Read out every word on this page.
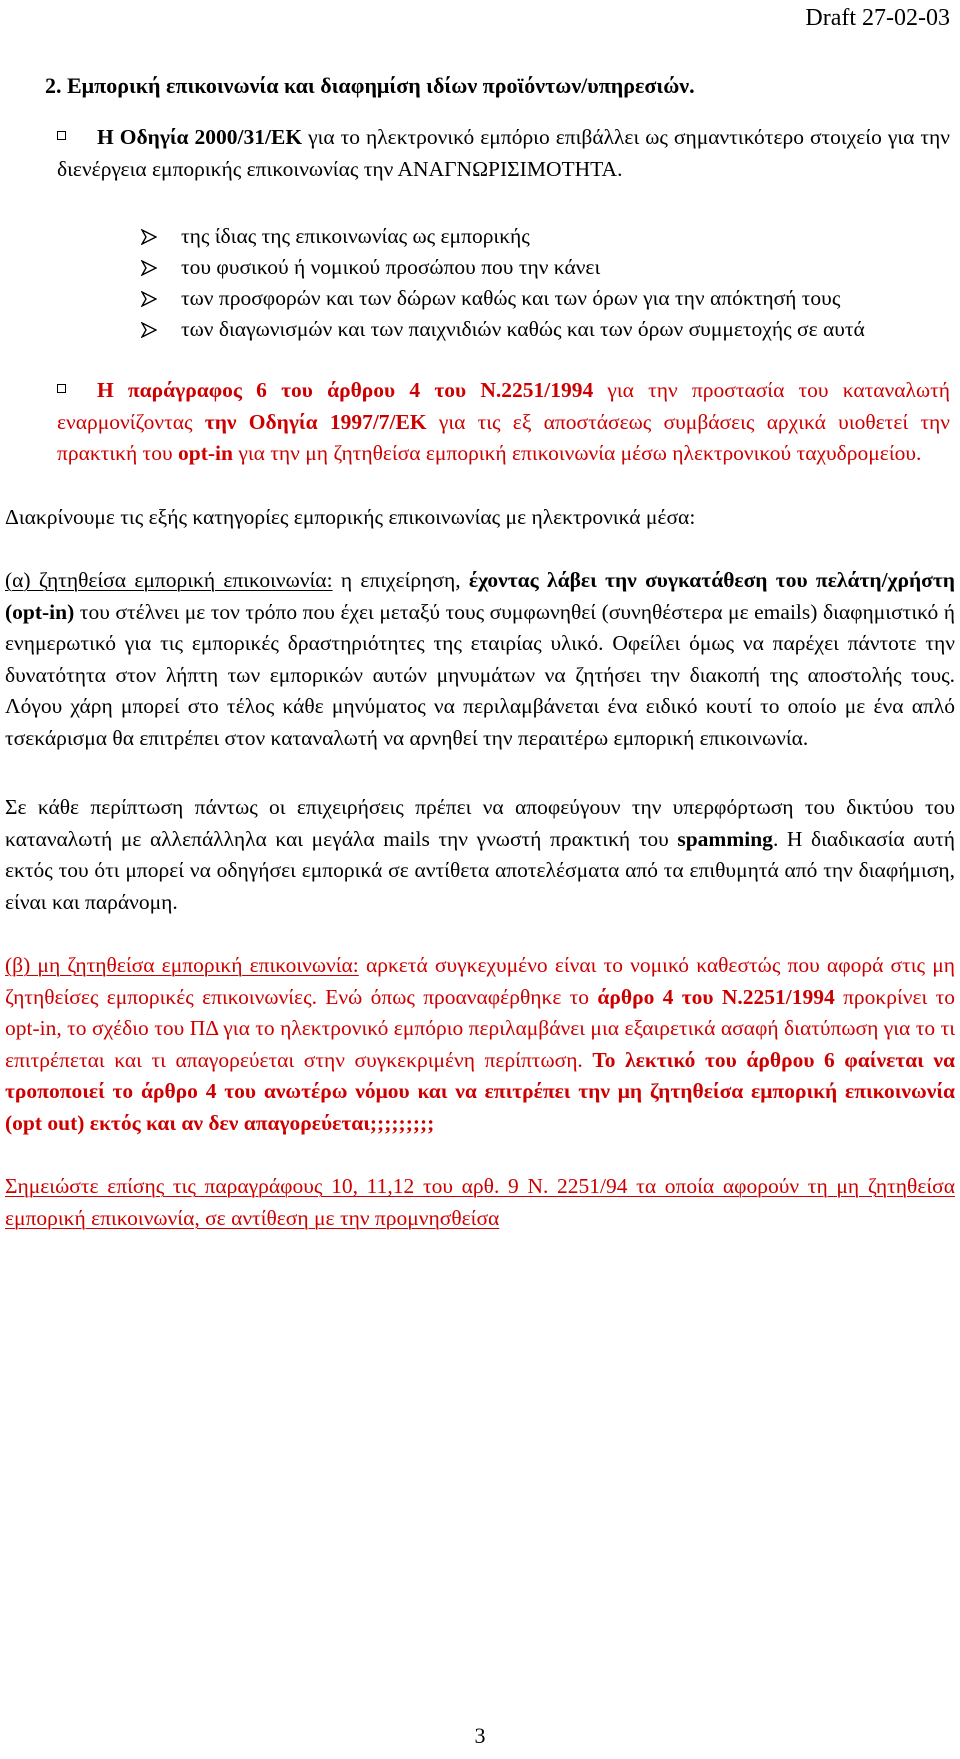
Draft 27-02-03
2. Εμπορική επικοινωνία και διαφημίση ιδίων προϊόντων/υπηρεσιών.

Η Οδηγία 2000/31/ΕΚ για το ηλεκτρονικό εμπόριο επιβάλλει ως σημαντικότερο στοιχείο για την διενέργεια εμπορικής επικοινωνίας την ΑΝΑΓΝΩΡΙΣΙΜΟΤΗΤΑ.

της ίδιας της επικοινωνίας ως εμπορικής
του φυσικού ή νομικού προσώπου που την κάνει
των προσφορών και των δώρων καθώς και των όρων για την απόκτησή τους
των διαγωνισμών και των παιχνιδιών καθώς και των όρων συμμετοχής σε αυτά

Η παράγραφος 6 του άρθρου 4 του Ν.2251/1994 για την προστασία του καταναλωτή εναρμονίζοντας την Οδηγία 1997/7/ΕΚ για τις εξ αποστάσεως συμβάσεις αρχικά υιοθετεί την πρακτική του opt-in για την μη ζητηθείσα εμπορική επικοινωνία μέσω ηλεκτρονικού ταχυδρομείου.

Διακρίνουμε τις εξής κατηγορίες εμπορικής επικοινωνίας με ηλεκτρονικά μέσα:

(α) ζητηθείσα εμπορική επικοινωνία: η επιχείρηση, έχοντας λάβει την συγκατάθεση του πελάτη/χρήστη (opt-in) του στέλνει με τον τρόπο που έχει μεταξύ τους συμφωνηθεί (συνηθέστερα με emails) διαφημιστικό ή ενημερωτικό για τις εμπορικές δραστηριότητες της εταιρίας υλικό. Οφείλει όμως να παρέχει πάντοτε την δυνατότητα στον λήπτη των εμπορικών αυτών μηνυμάτων να ζητήσει την διακοπή της αποστολής τους. Λόγου χάρη μπορεί στο τέλος κάθε μηνύματος να περιλαμβάνεται ένα ειδικό κουτί το οποίο με ένα απλό τσεκάρισμα θα επιτρέπει στον καταναλωτή να αρνηθεί την περαιτέρω εμπορική επικοινωνία.

Σε κάθε περίπτωση πάντως οι επιχειρήσεις πρέπει να αποφεύγουν την υπερφόρτωση του δικτύου του καταναλωτή με αλλεπάλληλα και μεγάλα mails την γνωστή πρακτική του spamming. Η διαδικασία αυτή εκτός του ότι μπορεί να οδηγήσει εμπορικά σε αντίθετα αποτελέσματα από τα επιθυμητά από την διαφήμιση, είναι και παράνομη.

(β) μη ζητηθείσα εμπορική επικοινωνία: αρκετά συγκεχυμένο είναι το νομικό καθεστώς που αφορά στις μη ζητηθείσες εμπορικές επικοινωνίες. Ενώ όπως προαναφέρθηκε το άρθρο 4 του Ν.2251/1994 προκρίνει το opt-in, το σχέδιο του ΠΔ για το ηλεκτρονικό εμπόριο περιλαμβάνει μια εξαιρετικά ασαφή διατύπωση για το τι επιτρέπεται και τι απαγορεύεται στην συγκεκριμένη περίπτωση. Το λεκτικό του άρθρου 6 φαίνεται να τροποποιεί το άρθρο 4 του ανωτέρω νόμου και να επιτρέπει την μη ζητηθείσα εμπορική επικοινωνία (opt out) εκτός και αν δεν απαγορεύεται;;;;;;;;;

Σημειώστε επίσης τις παραγράφους 10, 11,12 του αρθ. 9 Ν. 2251/94 τα οποία αφορούν τη μη ζητηθείσα εμπορική επικοινωνία, σε αντίθεση με την προμνησθείσα

3
